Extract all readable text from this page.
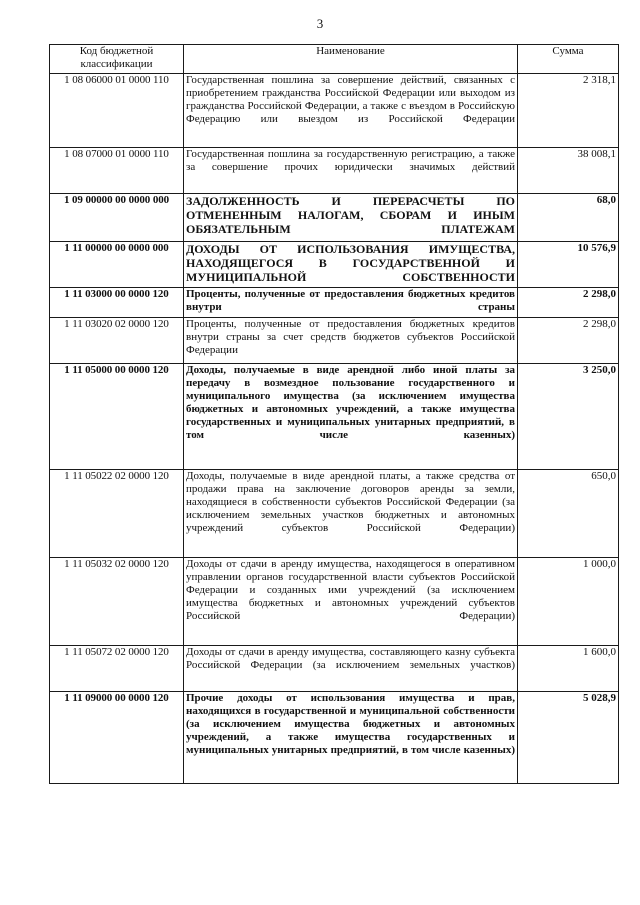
3
Код бюджетной классификации	Наименование	Сумма
1 08 06000 01 0000 110	Государственная пошлина за совершение действий, связанных с приобретением гражданства Российской Федерации или выходом из гражданства Российской Федерации, а также с въездом в Российскую Федерацию или выездом из Российской Федерации	2 318,1
1 08 07000 01 0000 110	Государственная пошлина за государственную регистрацию, а также за совершение прочих юридически значимых действий	38 008,1
1 09 00000 00 0000 000	ЗАДОЛЖЕННОСТЬ И ПЕРЕРАСЧЕТЫ ПО ОТМЕНЕННЫМ НАЛОГАМ, СБОРАМ И ИНЫМ ОБЯЗАТЕЛЬНЫМ ПЛАТЕЖАМ	68,0
1 11 00000 00 0000 000	ДОХОДЫ ОТ ИСПОЛЬЗОВАНИЯ ИМУЩЕСТВА, НАХОДЯЩЕГОСЯ В ГОСУДАРСТВЕННОЙ И МУНИЦИПАЛЬНОЙ СОБСТВЕННОСТИ	10 576,9
1 11 03000 00 0000 120	Проценты, полученные от предоставления бюджетных кредитов внутри страны	2 298,0
1 11 03020 02 0000 120	Проценты, полученные от предоставления бюджетных кредитов внутри страны за счет средств бюджетов субъектов Российской Федерации	2 298,0
1 11 05000 00 0000 120	Доходы, получаемые в виде арендной либо иной платы за передачу в возмездное пользование государственного и муниципального имущества (за исключением имущества бюджетных и автономных учреждений, а также имущества государственных и муниципальных унитарных предприятий, в том числе казенных)	3 250,0
1 11 05022 02 0000 120	Доходы, получаемые в виде арендной платы, а также средства от продажи права на заключение договоров аренды за земли, находящиеся в собственности субъектов Российской Федерации (за исключением земельных участков бюджетных и автономных учреждений субъектов Российской Федерации)	650,0
1 11 05032 02 0000 120	Доходы от сдачи в аренду имущества, находящегося в оперативном управлении органов государственной власти субъектов Российской Федерации и созданных ими учреждений (за исключением имущества бюджетных и автономных учреждений субъектов Российской Федерации)	1 000,0
1 11 05072 02 0000 120	Доходы от сдачи в аренду имущества, составляющего казну субъекта Российской Федерации (за исключением земельных участков)	1 600,0
1 11 09000 00 0000 120	Прочие доходы от использования имущества и прав, находящихся в государственной и муниципальной собственности (за исключением имущества бюджетных и автономных учреждений, а также имущества государственных и муниципальных унитарных предприятий, в том числе казенных)	5 028,9
